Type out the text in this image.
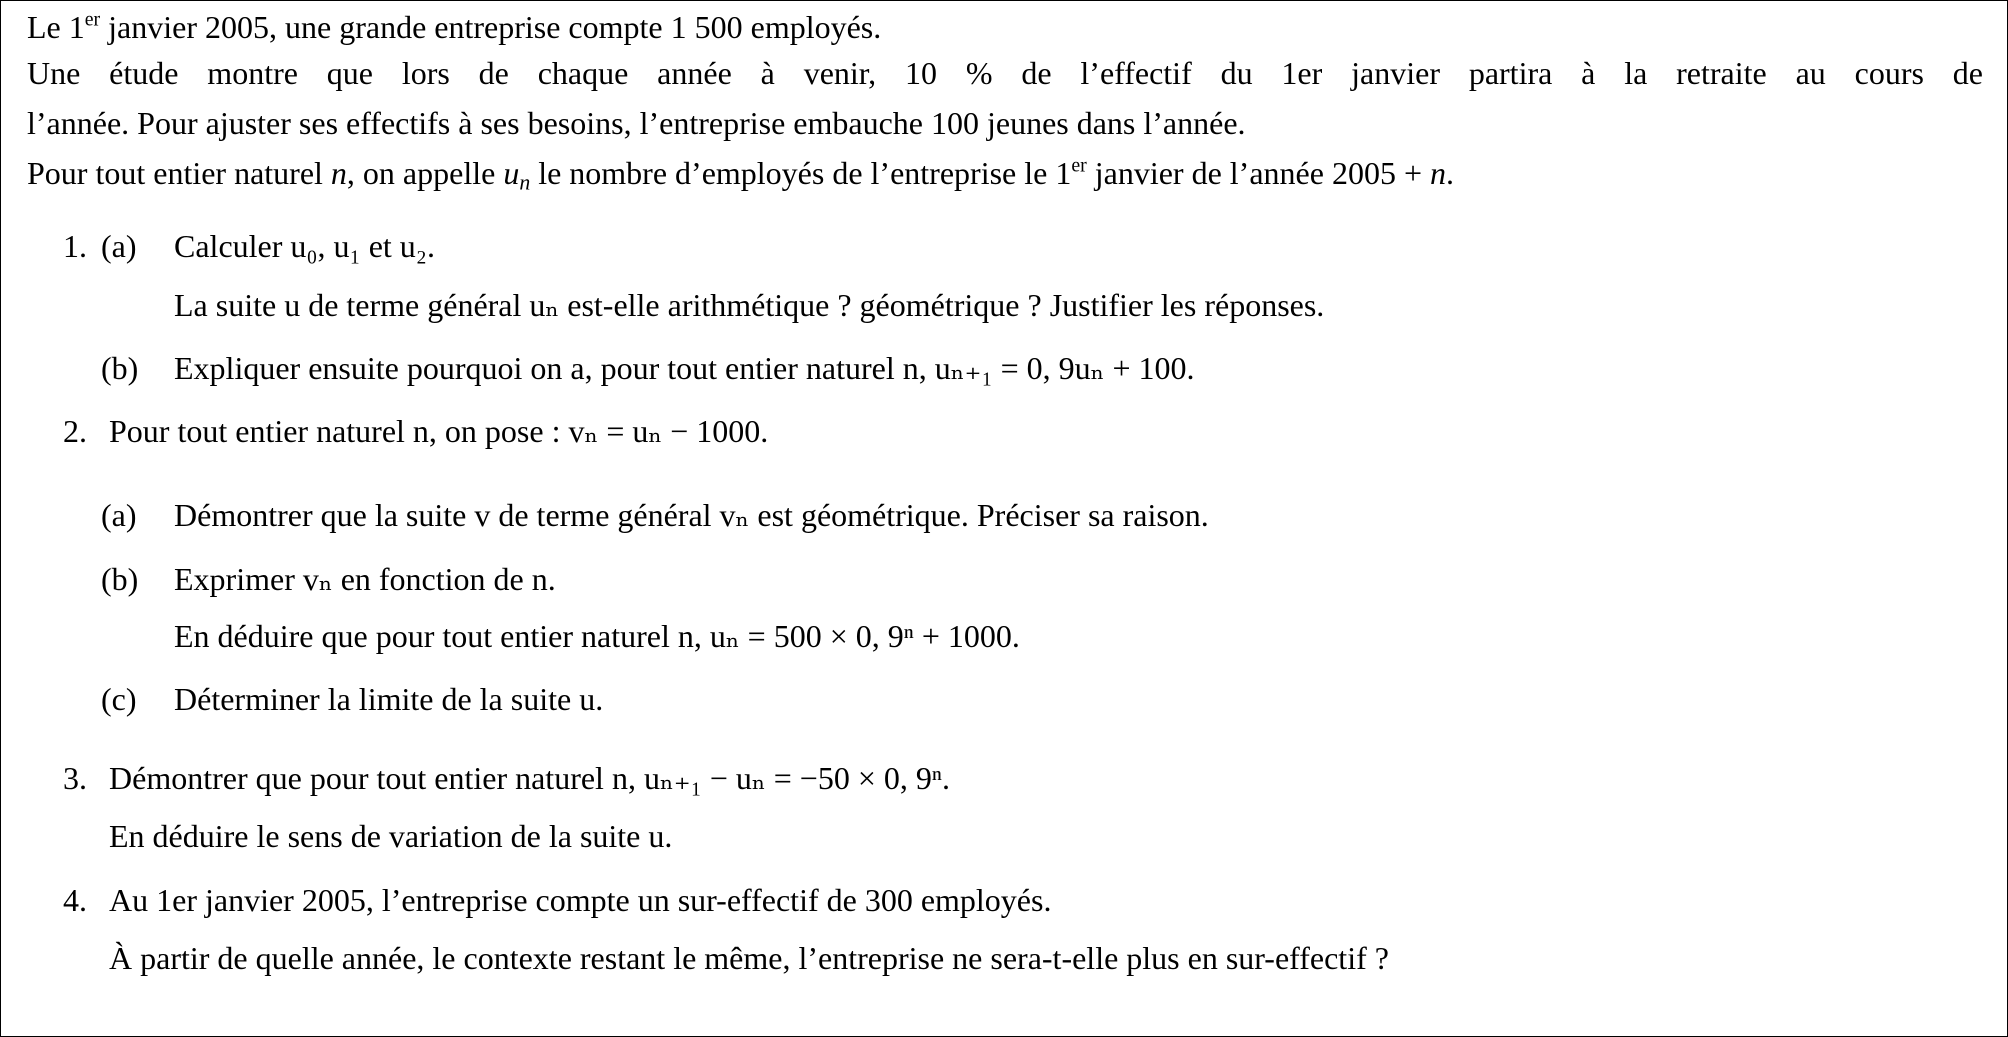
Le 1er janvier 2005, une grande entreprise compte 1 500 employés.
Une étude montre que lors de chaque année à venir, 10 % de l’effectif du 1er janvier partira à la retraite au cours de
l’année. Pour ajuster ses effectifs à ses besoins, l’entreprise embauche 100 jeunes dans l’année.
Pour tout entier naturel n, on appelle $u_n$ le nombre d’employés de l’entreprise le 1er janvier de l’année 2005 + n.
1. (a)	Calculer u₀, u₁ et u₂.
La suite u de terme général uₙ est-elle arithmétique ? géométrique ? Justifier les réponses.
(b)	Expliquer ensuite pourquoi on a, pour tout entier naturel n, uₙ₊₁ = 0, 9uₙ + 100.
2. Pour tout entier naturel n, on pose : vₙ = uₙ − 1000.
(a)	Démontrer que la suite v de terme général vₙ est géométrique. Préciser sa raison.
(b)	Exprimer vₙ en fonction de n.
En déduire que pour tout entier naturel n, uₙ = 500 × 0, 9ⁿ + 1000.
(c)	Déterminer la limite de la suite u.
3. Démontrer que pour tout entier naturel n, uₙ₊₁ − uₙ = −50 × 0, 9ⁿ.
En déduire le sens de variation de la suite u.
4. Au 1er janvier 2005, l’entreprise compte un sur-effectif de 300 employés.
À partir de quelle année, le contexte restant le même, l’entreprise ne sera-t-elle plus en sur-effectif ?
